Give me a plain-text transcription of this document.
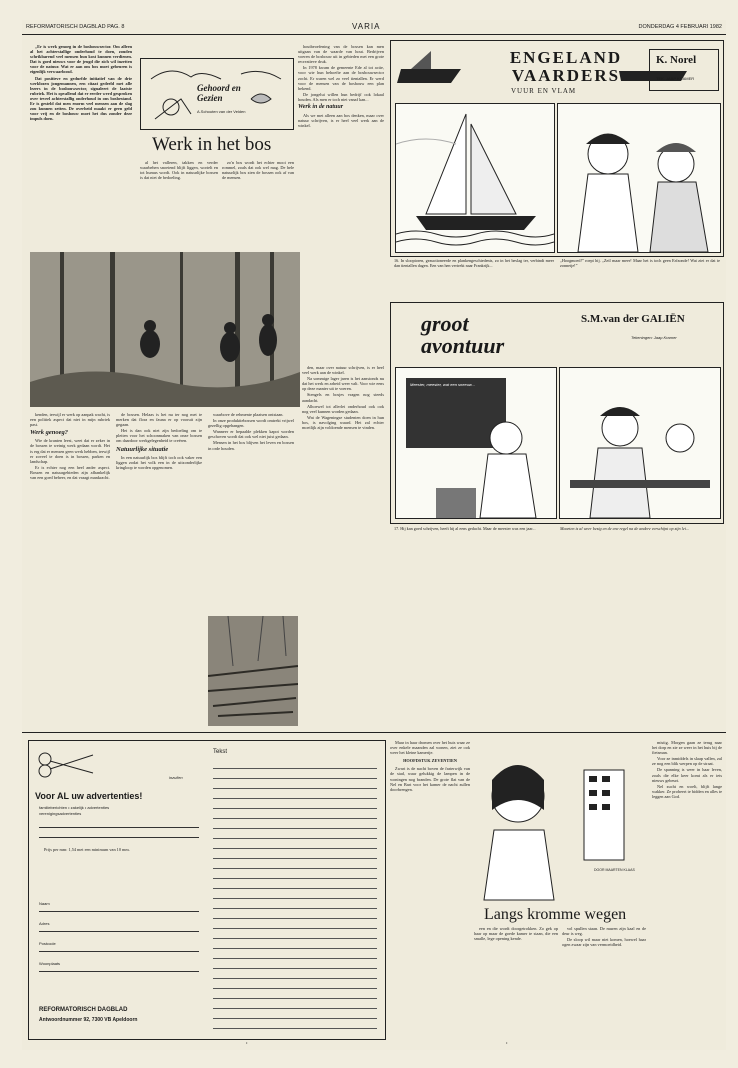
REFORMATORISCH DAGBLAD PAG. 8	VARIA	DONDERDAG 4 FEBRUARI 1982

„Er is werk genoeg in de bosbouwsector. Om alleen al het achterstallige onderhoud te doen, zouden schrikbarend veel mensen hun kost kunnen verdienen. Dat is goed nieuws voor de jeugd die zich wil inzetten voor de natuur. Wat er aan ons bos moet gebeuren is eigenlijk verwaarloosd.

Dat positieve en gedurfde initiatief van de drie werklozen jongemannen, een citaat gedeeld met alle lezers in de bosbouwsector, signaleert de laatste rubriek. Het is opvallend dat er eerder werd gesproken over teveel achterstallig onderhoud in ons bosbestand. Er is gesteld dat men enorm veel mensen aan de slag zou kunnen zetten. De overheid maakt er geen geld voor vrij en de bosbouw moet het dus zonder deze impuls doen.

Gehoord en Gezien
A.Schouten van der Velden
Werk in het bos

al het valleren, takken en verder waarbehen snoeiend blijft liggen, wortelt en tot humus wordt. Ook in natuurlijke bossen is dat niet de bedoeling.

zo'n bos wordt het echter mooi een rommel, zoals dat ook wel mag. De hele natuurlijk bos zien de bossen ook af van de mensen.

houtbeoefening van de bossen kan men uitgaan van de waarde van hout. Bedrijven voeren de bosbouw uit in gebieden met een grote recreatieve druk.

In 1978 kwam de gemeente Ede al tot actie, voor wie hun behoefte aan de bosbouwsector zocht. Er waren wel zo veel tientallen. Er werd voor de mensen van de bosbouw een plan bekend.

De jongelui willen hun bedrijf ook lokaal houden. Als men er toch niet vanaf kan...

Werk in de natuur

Als we met alleen aan bos denken, maar over natuur schrijven, is er heel veel werk aan de winkel.

kenden, terwijl er werk op aanpak wacht, is een politiek aspect dat niet in mijn rubriek past.

Werk genoeg?

Wie de kranten leest, weet dat er zeker in de bossen te weinig werk gedaan wordt. Het is erg dat er mensen geen werk hebben, terwijl er zoveel te doen is in bossen, parken en landschap.

Er is echter nog een heel ander aspect. Bossen en natuurgebieden zijn afhankelijk van een goed beheer, en dat vraagt mankracht.

de bossen. Helaas is het nu ter nog met te merken dat flora en fauna er op vooruit zijn gegaan.

Het is dan ook niet zijn bedoeling om te pleiten voor het schoonmaken van onze bossen om daardoor werkgelegenheid te creëren.

Natuurlijke situatie

In een natuurlijk bos blijft toch ook vaker een liggen zodat het volk een in de uitzonderlijke kringloop te worden opgenomen.

waarbove de rehmente plaatsen ontstaan.

In onze produktiebossen wordt omtrekt vrijwel gezellig opgehangen.

Wanneer er bepaalde plekken kapot worden geschoven wordt dat ook wel niet juist gedaan.

Mensen in het bos blijven het leven en bossen in orde houden.

den, maar over natuur schrijven, is er heel veel werk aan de winkel.

Na sommige lager jaren is het aanstonds nu dat het werk en arbeid weer valt. Voor wie eens op deze manier uit te voeren.

Stengels en bosjes vragen nog steeds aandacht.

Alhoewel tot allerlei onderhoud ook ook nog veel kunnen worden gedaan.

Wat de Wageningse studenten doen in hun bos, is navolging waard. Het zal echter moeilijk zijn voldoende mensen te vinden.

ENGELAND VAARDERS
VUUR EN VLAM
K. Norel
TEK. JAAP KRAMER
16. In slooptoren, geauctioneerde en plankengeschiedenis, zo in het beslag ter, verbindt meer dan tientallen dagen. Een van hen vertrekt naar Frankrijk...
„Hoogmoed!” roept hij. „Zeil maar meer! Maar het is toch geen Erfzonde! Wat ziet er dat te zonnetje!”
groot avontuur
S.M.van der GALIËN
Tekeningen: Jaap Kramer
Meester, meester, wat een sneeuw...
17. Hij kan goed schrijven, heeft hij al eens gedacht. Maar de meester was een jaar...	Maarten is al weer bezig en de ene regel na de andere verschijnt op zijn lei...
inzullen
Voor AL uw advertenties!
familieberichten • zakelijk • advertenties
verenigingsadvertenties

Prijs per mm: 1,54 met een minimum van 10 mm.

Naam
Adres
Postcode
Woonplaats
REFORMATORISCH DAGBLAD
Antwoordnummer 92, 7300 VB Apeldoorn
Tekst

Maar in haar dromen over het huis waar ze over enkele maanden zal wonen, ziet ze ook weer het kleine kamertje.

HOOFDSTUK ZEVENTIEN

Zwart is de nacht boven de fraterwijk van de stad, waar gelukkig de lampen in de woningen nog branden. De grote flat van de Nel en Bart voor het kamer de nacht zullen doorbrengen.

DOOR MAARTEN KLAAS
Langs kromme wegen

een en die wordt doorgetrokken. Zo gek op haar op maar de goede kamer te staan, die een smalle, lege opening kende.

vol spullen staan. De muren zijn kaal en de deur is weg.

De sloop wil maar niet komen, hoewel haar ogen zwaar zijn van vermoeidheid.

mistig. Morgen gaan ze terug naar het dorp en zie ze weer in het huis bij de fietsman.

Voor ze inmiddels in slaap vallen, zal ze nog een blik werpen op de straat.

De spanning is weer in haar leven, zoals die elke keer komt als er iets nieuws gebeurt.

Nel zucht en woelt, blijft lange wakker. Ze probeert te bidden en alles te leggen aan God.

•	•
